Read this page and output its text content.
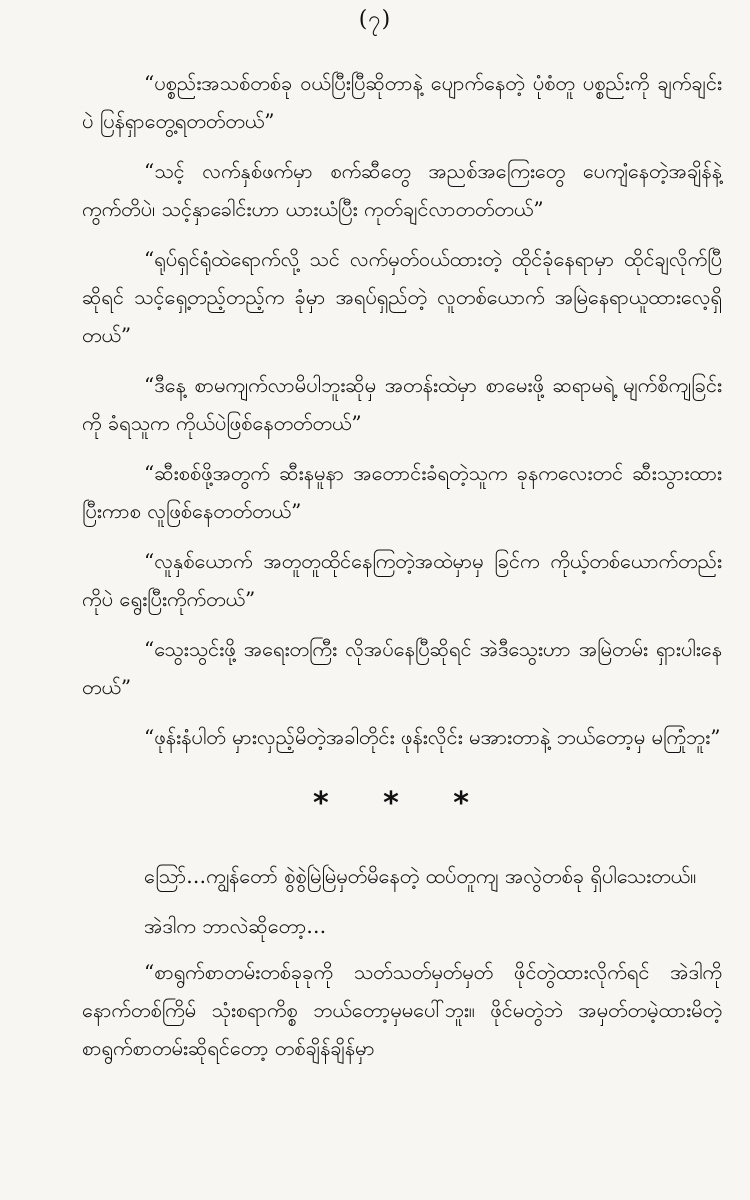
(၇)

“ပစ္စည်းအသစ်တစ်ခု ဝယ်ပြီးပြီဆိုတာနဲ့ ပျောက်နေတဲ့ ပုံစံတူ ပစ္စည်းကို ချက်ချင်းပဲ ပြန်ရှာတွေ့ရတတ်တယ်”

“သင့် လက်နှစ်ဖက်မှာ စက်ဆီတွေ အညစ်အကြေးတွေ ပေကျံနေတဲ့အချိန်နဲ့ ကွက်တိပဲ၊ သင့်နှာခေါင်းဟာ ယားယံပြီး ကုတ်ချင်လာတတ်တယ်”

“ရုပ်ရှင်ရုံထဲရောက်လို့ သင် လက်မှတ်ဝယ်ထားတဲ့ ထိုင်ခုံနေရာမှာ ထိုင်ချလိုက်ပြီဆိုရင် သင့်ရှေ့တည့်တည့်က ခုံမှာ အရပ်ရှည်တဲ့ လူတစ်ယောက် အမြဲနေရာယူထားလေ့ရှိတယ်”

“ဒီနေ့ စာမကျက်လာမိပါဘူးဆိုမှ အတန်းထဲမှာ စာမေးဖို့ ဆရာမရဲ့ မျက်စိကျခြင်းကို ခံရသူက ကိုယ်ပဲဖြစ်နေတတ်တယ်”

“ဆီးစစ်ဖို့အတွက် ဆီးနမူနာ အတောင်းခံရတဲ့သူက ခုနကလေးတင် ဆီးသွားထားပြီးကာစ လူဖြစ်နေတတ်တယ်”

“လူနှစ်ယောက် အတူတူထိုင်နေကြတဲ့အထဲမှာမှ ခြင်က ကိုယ့်တစ်ယောက်တည်းကိုပဲ ရွေးပြီးကိုက်တယ်”

“သွေးသွင်းဖို့ အရေးတကြီး လိုအပ်နေပြီဆိုရင် အဲဒီသွေးဟာ အမြဲတမ်း ရှားပါးနေတယ်”

“ဖုန်းနံပါတ် မှားလှည့်မိတဲ့အခါတိုင်း ဖုန်းလိုင်း မအားတာနဲ့ ဘယ်တော့မှ မကြုံဘူး”

* * *

သြော်…ကျွန်တော် စွဲစွဲမြဲမြဲမှတ်မိနေတဲ့ ထပ်တူကျ အလွဲတစ်ခု ရှိပါသေးတယ်။

အဲဒါက ဘာလဲဆိုတော့…

“စာရွက်စာတမ်းတစ်ခုခုကို သတ်သတ်မှတ်မှတ် ဖိုင်တွဲထားလိုက်ရင် အဲဒါကို နောက်တစ်ကြိမ် သုံးစရာကိစ္စ ဘယ်တော့မှမပေါ်ဘူး။ ဖိုင်မတွဲဘဲ အမှတ်တမဲ့ထားမိတဲ့ စာရွက်စာတမ်းဆိုရင်တော့ တစ်ချိန်ချိန်မှာ
